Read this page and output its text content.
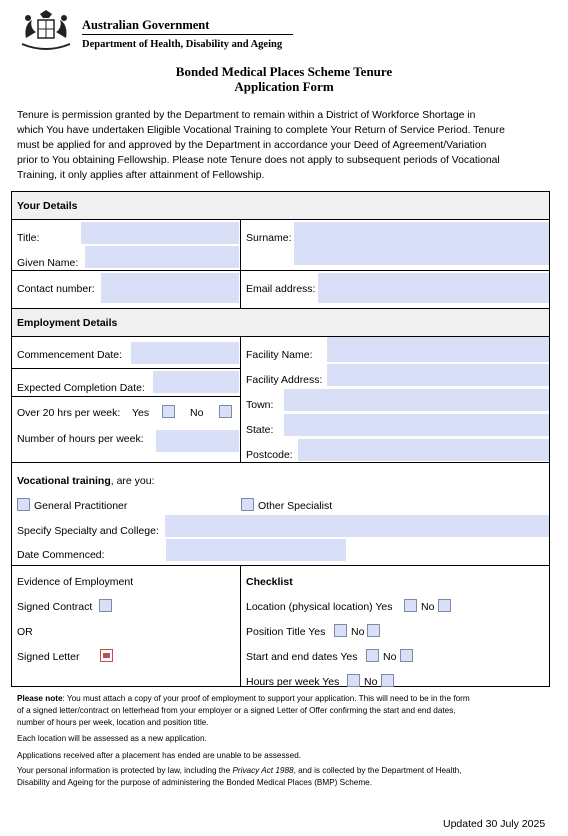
Australian Government
Department of Health, Disability and Ageing
Bonded Medical Places Scheme Tenure
Application Form
Tenure is permission granted by the Department to remain within a District of Workforce Shortage in
which You have undertaken Eligible Vocational Training to complete Your Return of Service Period. Tenure
must be applied for and approved by the Department in accordance your Deed of Agreement/Variation
prior to You obtaining Fellowship. Please note Tenure does not apply to subsequent periods of Vocational
Training, it only applies after attainment of Fellowship.
Your Details
Title:
Given Name:
Surname:
Contact number:	Email address:
Employment Details
Commencement Date:
Expected Completion Date:
Over 20 hrs per week: Yes	No
Number of hours per week:
Facility Name:
Facility Address:
Town:
State:
Postcode:
Vocational training, are you:
General Practitioner	Other Specialist
Specify Specialty and College:
Date Commenced:
Evidence of Employment
Signed Contract
OR
Signed Letter
Checklist
Location (physical location) Yes	No
Position Title Yes No
Start and end dates Yes No
Hours per week Yes No
Please note: You must attach a copy of your proof of employment to support your application. This will need to be in the form
of a signed letter/contract on letterhead from your employer or a signed Letter of Offer confirming the start and end dates,
number of hours per week, location and position title.
Each location will be assessed as a new application.
Applications received after a placement has ended are unable to be assessed.
Your personal information is protected by law, including the Privacy Act 1988, and is collected by the Department of Health,
Disability and Ageing for the purpose of administering the Bonded Medical Places (BMP) Scheme.
Updated 30 July 2025
